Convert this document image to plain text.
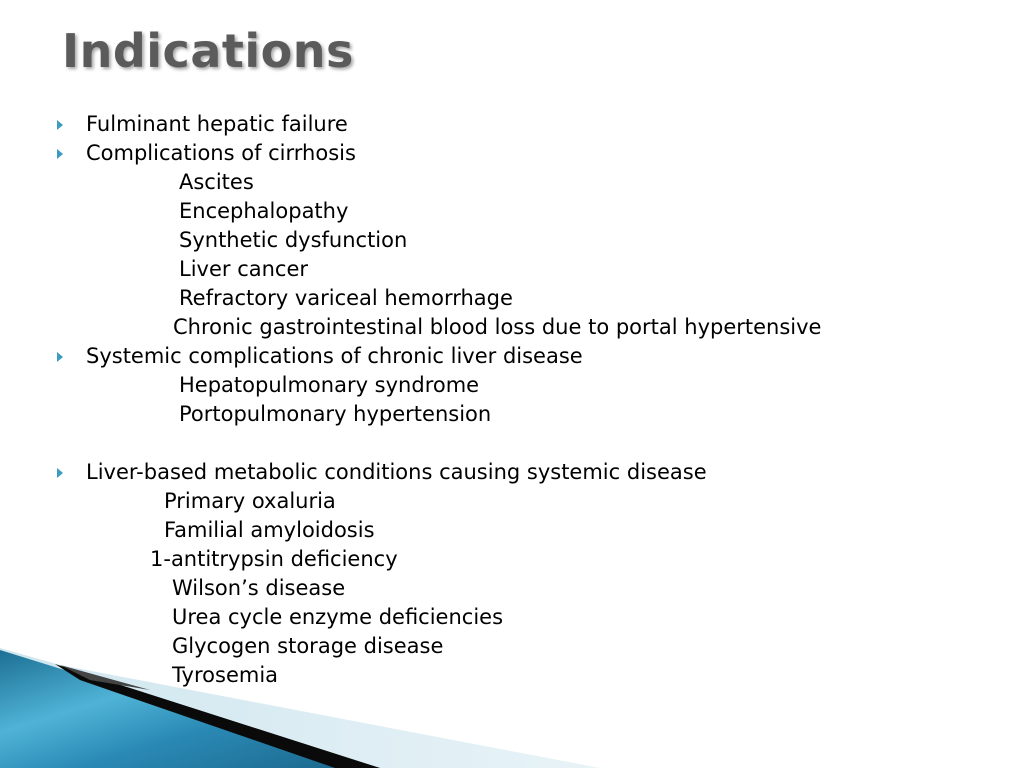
Indications
Fulminant hepatic failure
Complications of cirrhosis
Ascites
Encephalopathy
Synthetic dysfunction
Liver cancer
Refractory variceal hemorrhage
Chronic gastrointestinal blood loss due to portal hypertensive
Systemic complications of chronic liver disease
Hepatopulmonary syndrome
Portopulmonary hypertension
Liver-based metabolic conditions causing systemic disease
Primary oxaluria
Familial amyloidosis
1-antitrypsin deficiency
Wilson’s disease
Urea cycle enzyme deficiencies
Glycogen storage disease
Tyrosemia
